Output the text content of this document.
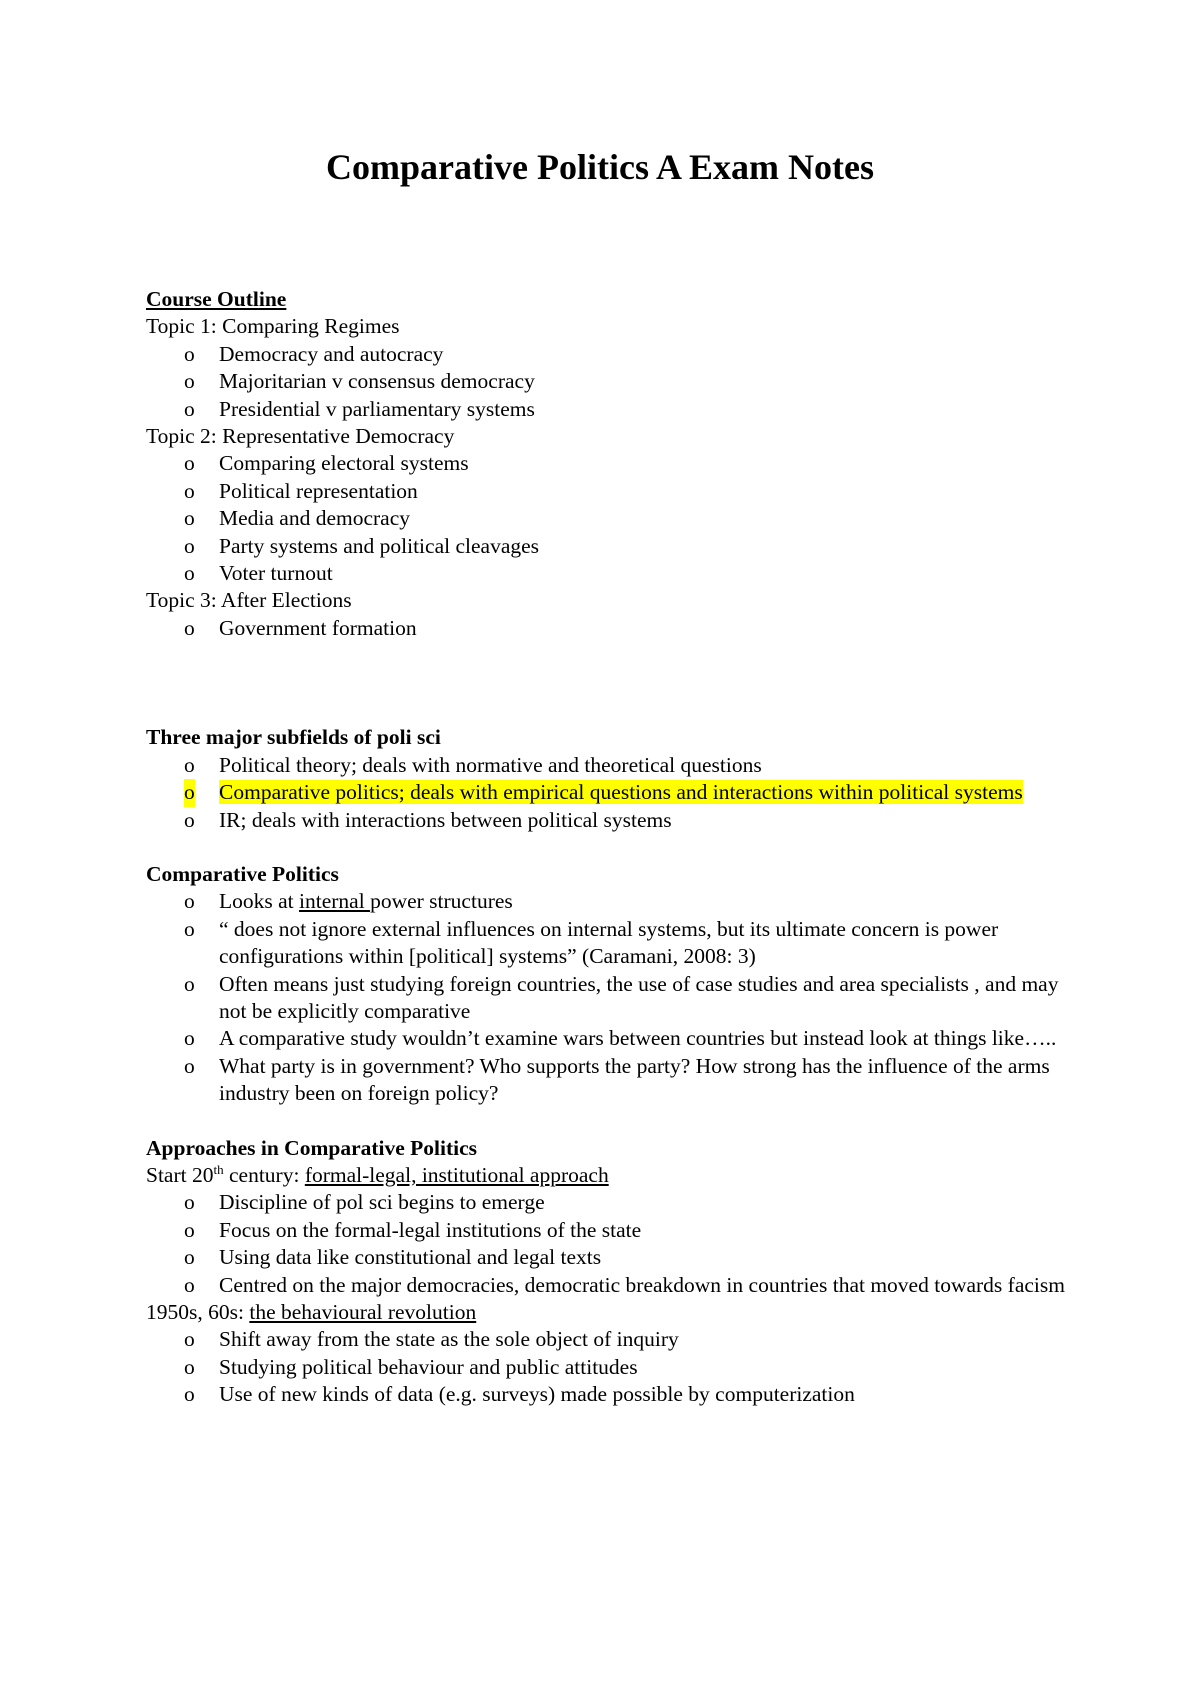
Comparative Politics A Exam Notes
Course Outline
Topic 1: Comparing Regimes
o Democracy and autocracy
o Majoritarian v consensus democracy
o Presidential v parliamentary systems
Topic 2: Representative Democracy
o Comparing electoral systems
o Political representation
o Media and democracy
o Party systems and political cleavages
o Voter turnout
Topic 3: After Elections
o Government formation
Three major subfields of poli sci
o Political theory; deals with normative and theoretical questions
o Comparative politics; deals with empirical questions and interactions within political systems
o IR; deals with interactions between political systems
Comparative Politics
o Looks at internal power structures
o “ does not ignore external influences on internal systems, but its ultimate concern is power configurations within [political] systems” (Caramani, 2008: 3)
o Often means just studying foreign countries, the use of case studies and area specialists , and may not be explicitly comparative
o A comparative study wouldn’t examine wars between countries but instead look at things like…..
o What party is in government? Who supports the party? How strong has the influence of the arms industry been on foreign policy?
Approaches in Comparative Politics
Start 20th century: formal-legal, institutional approach
o Discipline of pol sci begins to emerge
o Focus on the formal-legal institutions of the state
o Using data like constitutional and legal texts
o Centred on the major democracies, democratic breakdown in countries that moved towards facism
1950s, 60s: the behavioural revolution
o Shift away from the state as the sole object of inquiry
o Studying political behaviour and public attitudes
o Use of new kinds of data (e.g. surveys) made possible by computerization
